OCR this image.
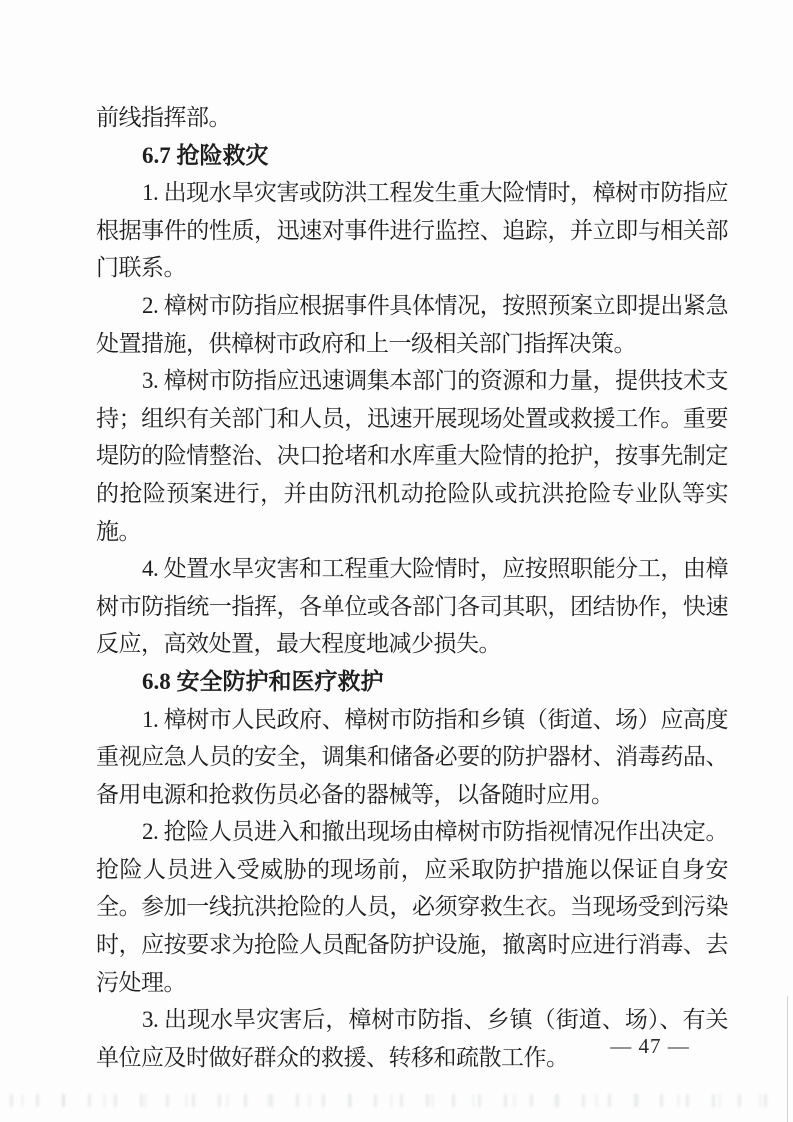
前线指挥部。

6.7 抢险救灾

1. 出现水旱灾害或防洪工程发生重大险情时，樟树市防指应根据事件的性质，迅速对事件进行监控、追踪，并立即与相关部门联系。

2. 樟树市防指应根据事件具体情况，按照预案立即提出紧急处置措施，供樟树市政府和上一级相关部门指挥决策。

3. 樟树市防指应迅速调集本部门的资源和力量，提供技术支持；组织有关部门和人员，迅速开展现场处置或救援工作。重要堤防的险情整治、决口抢堵和水库重大险情的抢护，按事先制定的抢险预案进行，并由防汛机动抢险队或抗洪抢险专业队等实施。

4. 处置水旱灾害和工程重大险情时，应按照职能分工，由樟树市防指统一指挥，各单位或各部门各司其职，团结协作，快速反应，高效处置，最大程度地减少损失。

6.8 安全防护和医疗救护

1. 樟树市人民政府、樟树市防指和乡镇（街道、场）应高度重视应急人员的安全，调集和储备必要的防护器材、消毒药品、备用电源和抢救伤员必备的器械等，以备随时应用。

2. 抢险人员进入和撤出现场由樟树市防指视情况作出决定。抢险人员进入受威胁的现场前，应采取防护措施以保证自身安全。参加一线抗洪抢险的人员，必须穿救生衣。当现场受到污染时，应按要求为抢险人员配备防护设施，撤离时应进行消毒、去污处理。

3. 出现水旱灾害后，樟树市防指、乡镇（街道、场）、有关单位应及时做好群众的救援、转移和疏散工作。	— 47 —
